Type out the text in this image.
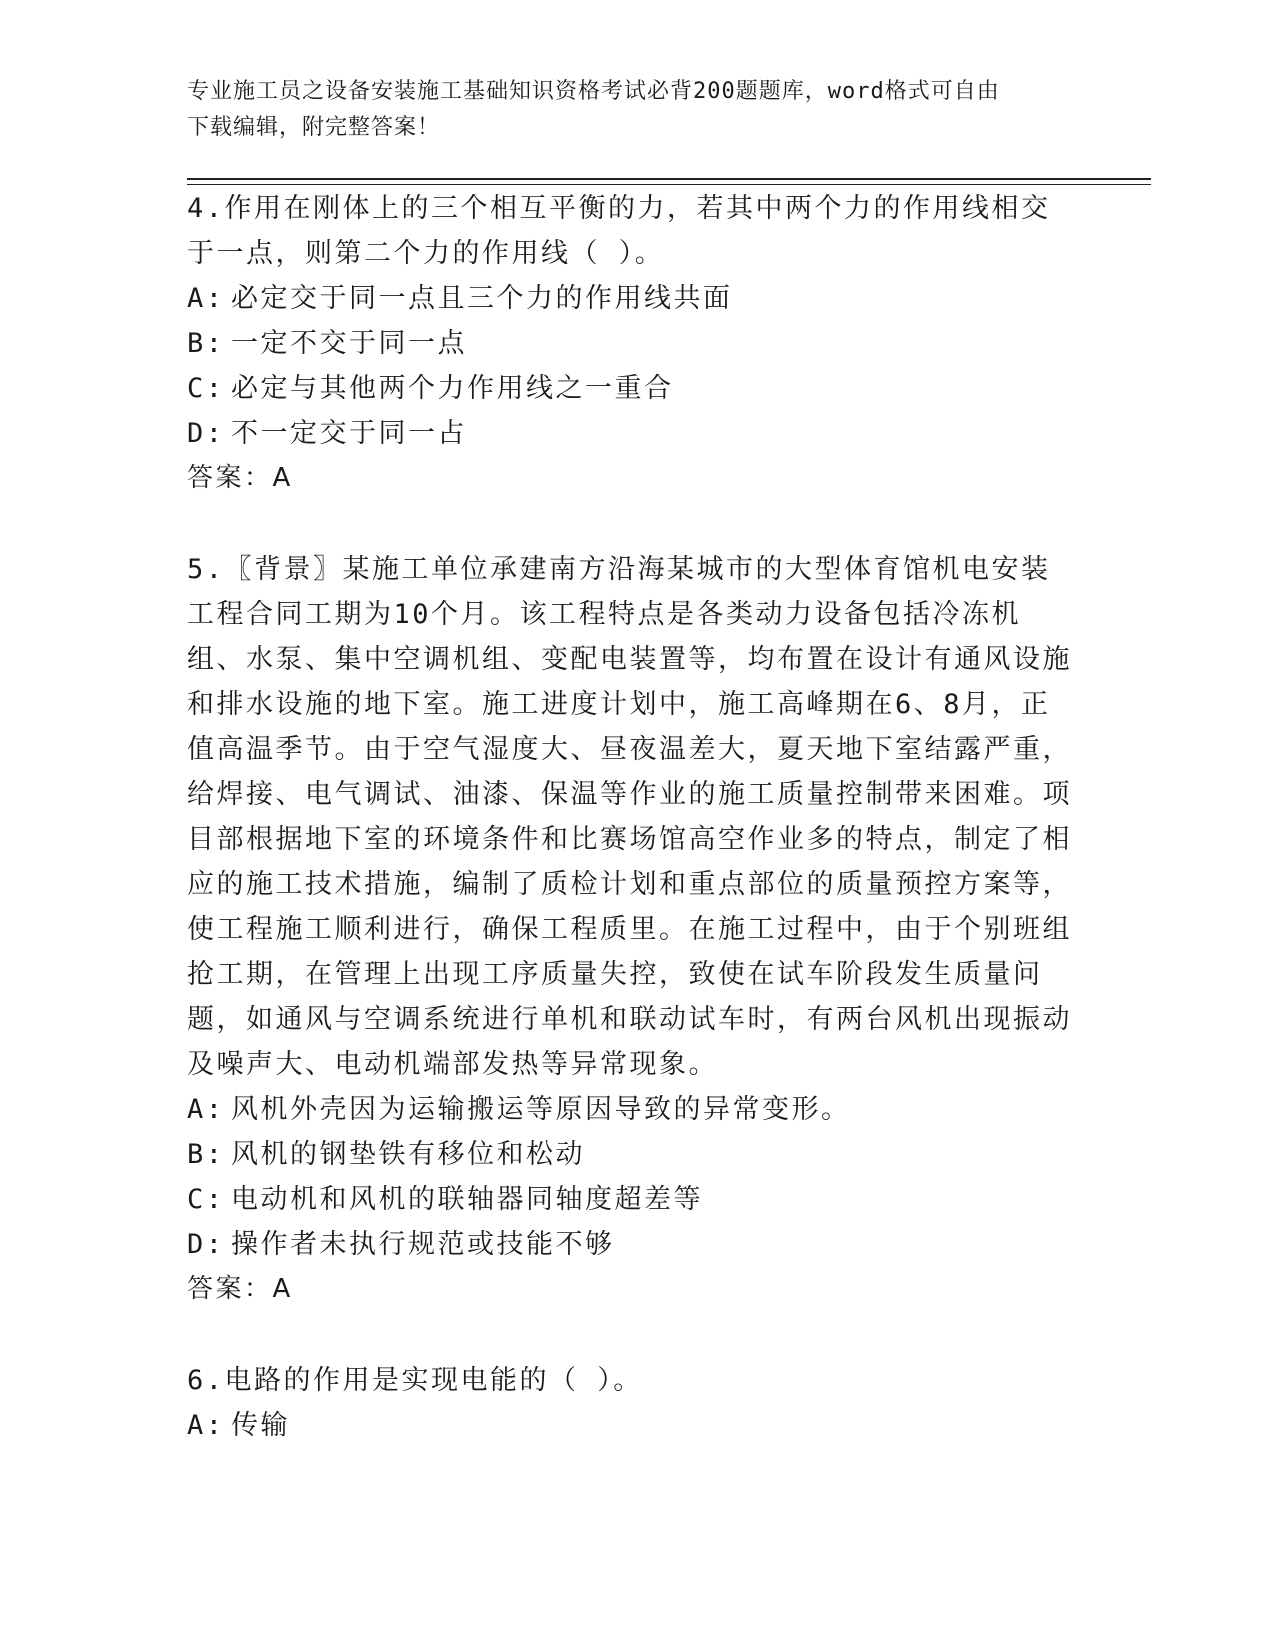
专业施工员之设备安装施工基础知识资格考试必背200题题库，word格式可自由
下载编辑，附完整答案！

4.作用在刚体上的三个相互平衡的力，若其中两个力的作用线相交于一点，则第二个力的作用线（ ）。

A: 必定交于同一点且三个力的作用线共面

B: 一定不交于同一点

C: 必定与其他两个力作用线之一重合

D: 不一定交于同一占

答案：A

5.〖背景〗某施工单位承建南方沿海某城市的大型体育馆机电安装工程合同工期为10个月。该工程特点是各类动力设备包括冷冻机组、水泵、集中空调机组、变配电装置等，均布置在设计有通风设施和排水设施的地下室。施工进度计划中，施工高峰期在6、8月，正值高温季节。由于空气湿度大、昼夜温差大，夏天地下室结露严重，给焊接、电气调试、油漆、保温等作业的施工质量控制带来困难。项目部根据地下室的环境条件和比赛场馆高空作业多的特点，制定了相应的施工技术措施，编制了质检计划和重点部位的质量预控方案等，使工程施工顺利进行，确保工程质里。在施工过程中，由于个别班组抢工期，在管理上出现工序质量失控，致使在试车阶段发生质量问题，如通风与空调系统进行单机和联动试车时，有两台风机出现振动及噪声大、电动机端部发热等异常现象。

A: 风机外壳因为运输搬运等原因导致的异常变形。

B: 风机的钢垫铁有移位和松动

C: 电动机和风机的联轴器同轴度超差等

D: 操作者未执行规范或技能不够

答案：A

6.电路的作用是实现电能的（ ）。

A: 传输
